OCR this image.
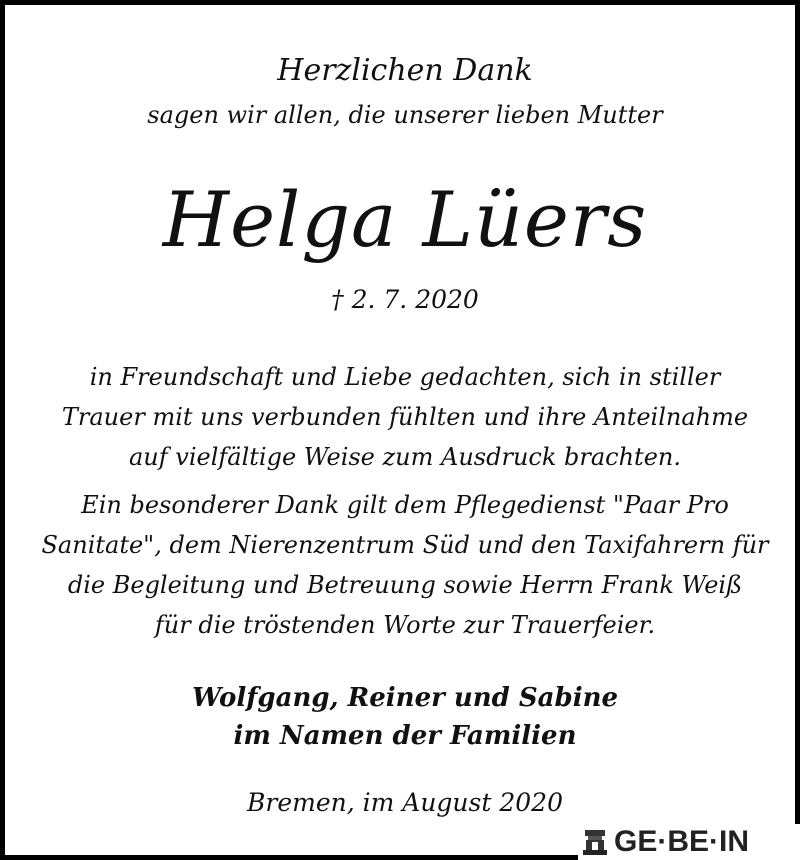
Herzlichen Dank

sagen wir allen, die unserer lieben Mutter

Helga Lüers

† 2. 7. 2020

in Freundschaft und Liebe gedachten, sich in stiller
Trauer mit uns verbunden fühlten und ihre Anteilnahme
auf vielfältige Weise zum Ausdruck brachten.
Ein besonderer Dank gilt dem Pflegedienst "Paar Pro
Sanitate", dem Nierenzentrum Süd und den Taxifahrern für
die Begleitung und Betreuung sowie Herrn Frank Weiß
für die tröstenden Worte zur Trauerfeier.
Wolfgang, Reiner und Sabine
im Namen der Familien

Bremen, im August 2020

GE·BE·IN
